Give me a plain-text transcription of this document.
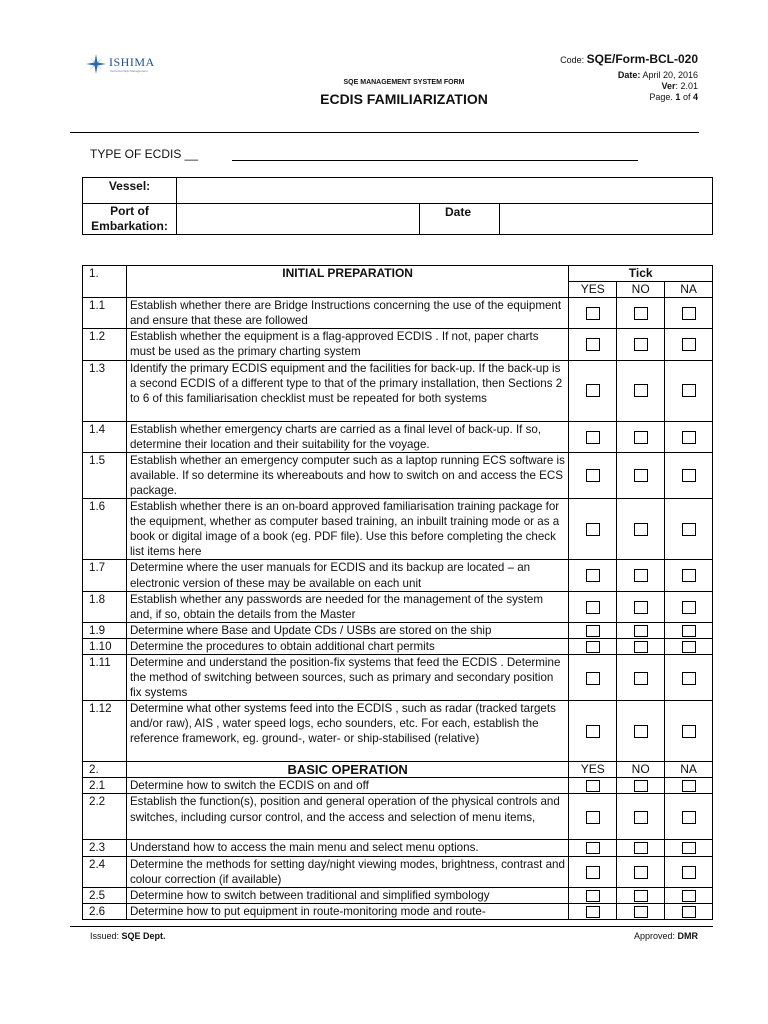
ISHIMA
Technical Ship Management
SQE MANAGEMENT SYSTEM FORM
ECDIS FAMILIARIZATION
Code: SQE/Form-BCL-020
Date: April 20, 2016
Ver: 2.01
Page. 1 of 4
TYPE OF ECDIS __
Vessel:			
Port of Embarkation:		Date	
1.	INITIAL PREPARATION	Tick		
		YES	NO	NA
1.1	Establish whether there are Bridge Instructions concerning the use of the equipment and ensure that these are followed			
1.2	Establish whether the equipment is a flag-approved ECDIS . If not, paper charts must be used as the primary charting system			
1.3	Identify the primary ECDIS equipment and the facilities for back-up. If the back-up is a second ECDIS of a different type to that of the primary installation, then Sections 2 to 6 of this familiarisation checklist must be repeated for both systems			
1.4	Establish whether emergency charts are carried as a final level of back-up. If so, determine their location and their suitability for the voyage.			
1.5	Establish whether an emergency computer such as a laptop running ECS software is available. If so determine its whereabouts and how to switch on and access the ECS package.			
1.6	Establish whether there is an on-board approved familiarisation training package for the equipment, whether as computer based training, an inbuilt training mode or as a book or digital image of a book (eg. PDF file). Use this before completing the check list items here			
1.7	Determine where the user manuals for ECDIS and its backup are located – an electronic version of these may be available on each unit			
1.8	Establish whether any passwords are needed for the management of the system and, if so, obtain the details from the Master			
1.9	Determine where Base and Update CDs / USBs are stored on the ship			
1.10	Determine the procedures to obtain additional chart permits			
1.11	Determine and understand the position-fix systems that feed the ECDIS . Determine the method of switching between sources, such as primary and secondary position fix systems			
1.12	Determine what other systems feed into the ECDIS , such as radar (tracked targets and/or raw), AIS , water speed logs, echo sounders, etc. For each, establish the reference framework, eg. ground-, water- or ship-stabilised (relative)			
2.	BASIC OPERATION	YES	NO	NA
2.1	Determine how to switch the ECDIS on and off			
2.2	Establish the function(s), position and general operation of the physical controls and switches, including cursor control, and the access and selection of menu items,			
2.3	Understand how to access the main menu and select menu options.			
2.4	Determine the methods for setting day/night viewing modes, brightness, contrast and colour correction (if available)			
2.5	Determine how to switch between traditional and simplified symbology			
2.6	Determine how to put equipment in route-monitoring mode and route-			
Issued: SQE Dept.	Approved: DMR
